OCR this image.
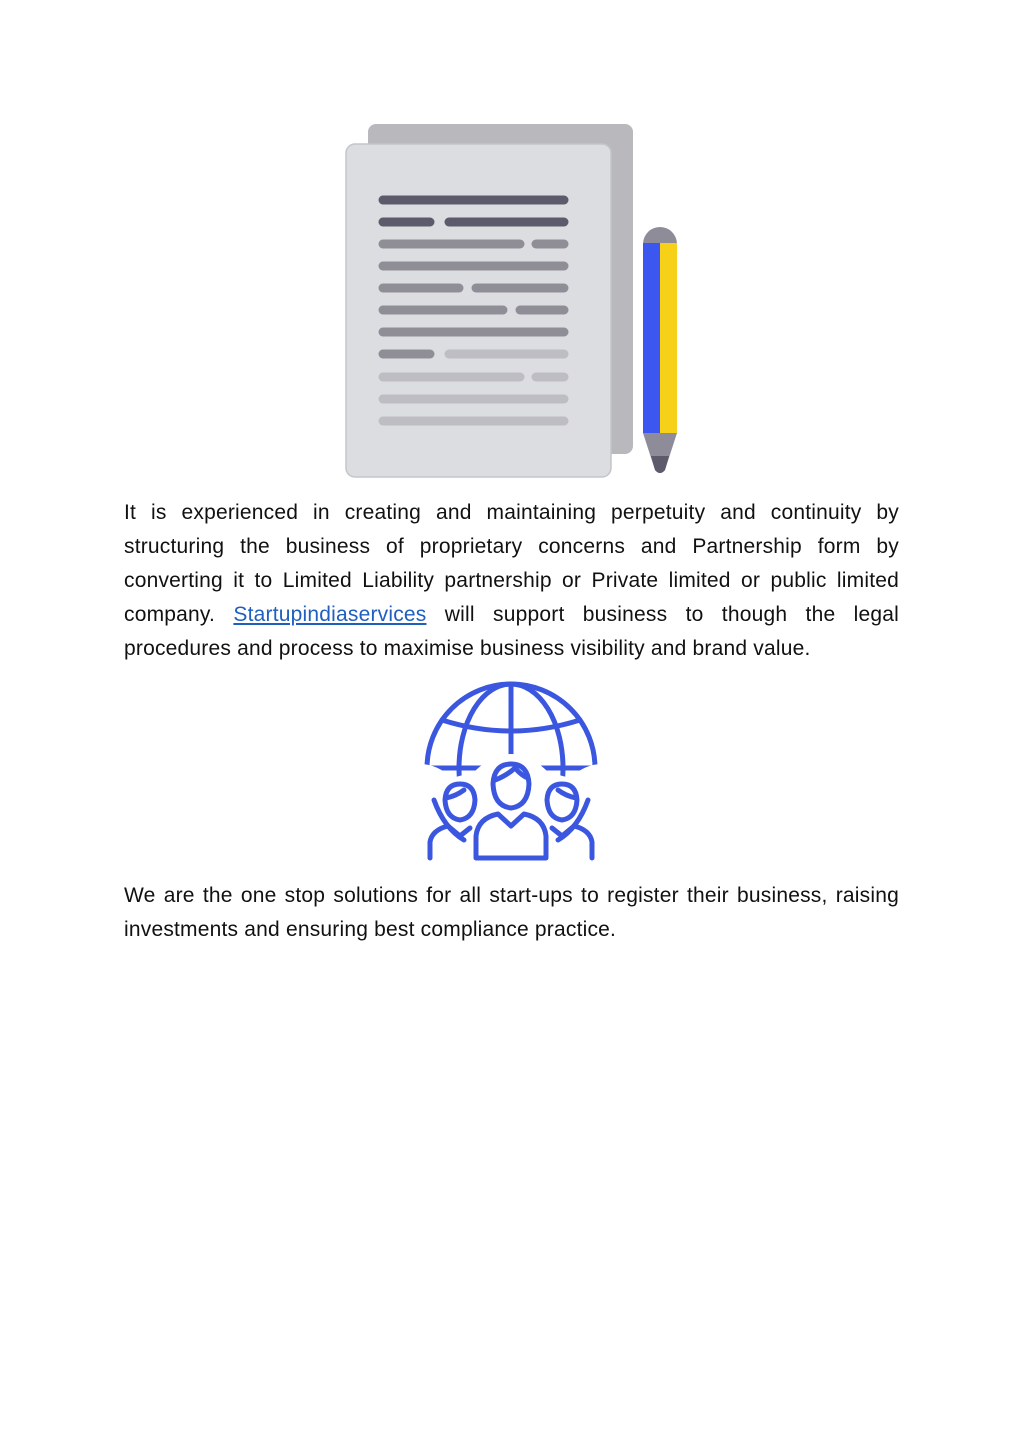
It is experienced in creating and maintaining perpetuity and continuity by structuring the business of proprietary concerns and Partnership form by converting it to Limited Liability partnership or Private limited or public limited company. Startupindiaservices will support business to though the legal procedures and process to maximise business visibility and brand value.

We are the one stop solutions for all start-ups to register their business, raising investments and ensuring best compliance practice.
